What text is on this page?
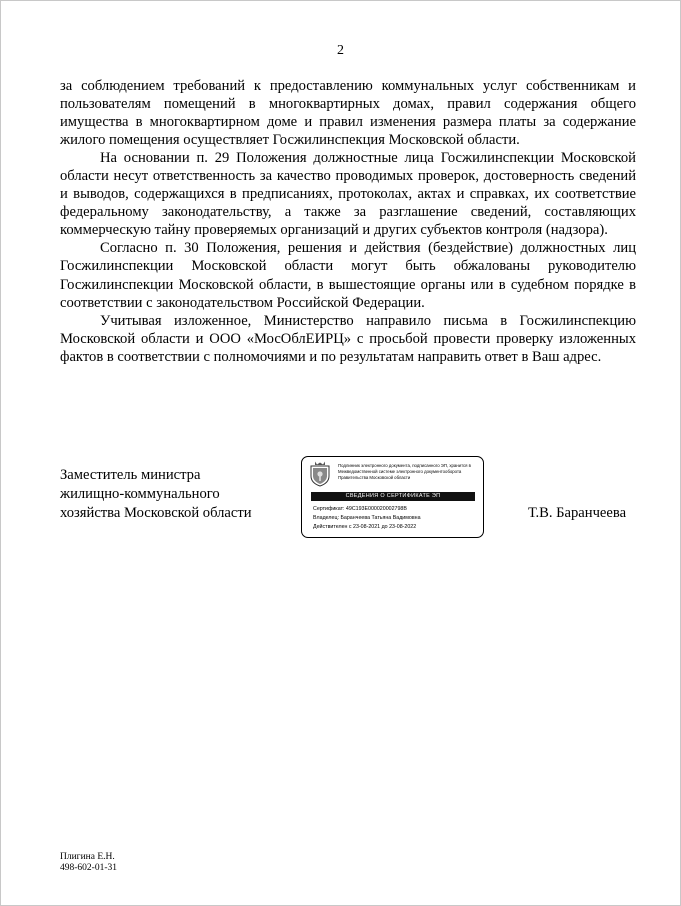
2

за соблюдением требований к предоставлению коммунальных услуг собственникам и пользователям помещений в многоквартирных домах, правил содержания общего имущества в многоквартирном доме и правил изменения размера платы за содержание жилого помещения осуществляет Госжилинспекция Московской области.

На основании п. 29 Положения должностные лица Госжилинспекции Московской области несут ответственность за качество проводимых проверок, достоверность сведений и выводов, содержащихся в предписаниях, протоколах, актах и справках, их соответствие федеральному законодательству, а также за разглашение сведений, составляющих коммерческую тайну проверяемых организаций и других субъектов контроля (надзора).

Согласно п. 30 Положения, решения и действия (бездействие) должностных лиц Госжилинспекции Московской области могут быть обжалованы руководителю Госжилинспекции Московской области, в вышестоящие органы или в судебном порядке в соответствии с законодательством Российской Федерации.

Учитывая изложенное, Министерство направило письма в Госжилинспекцию Московской области и ООО «МосОблЕИРЦ» с просьбой провести проверку изложенных фактов в соответствии с полномочиями и по результатам направить ответ в Ваш адрес.

Заместитель министра
жилищно-коммунального
хозяйства Московской области
Подлинник электронного документа, подписанного ЭП, хранится в Межведомственной системе электронного документооборота Правительства Московской области
СВЕДЕНИЯ О СЕРТИФИКАТЕ ЭП
Сертификат: 49C193E000020002798B
Владелец: Баранчеева Татьяна Вадимовна
Действителен с 23-08-2021 до 23-08-2022
Т.В. Баранчеева
Плигина Е.Н.
498-602-01-31
